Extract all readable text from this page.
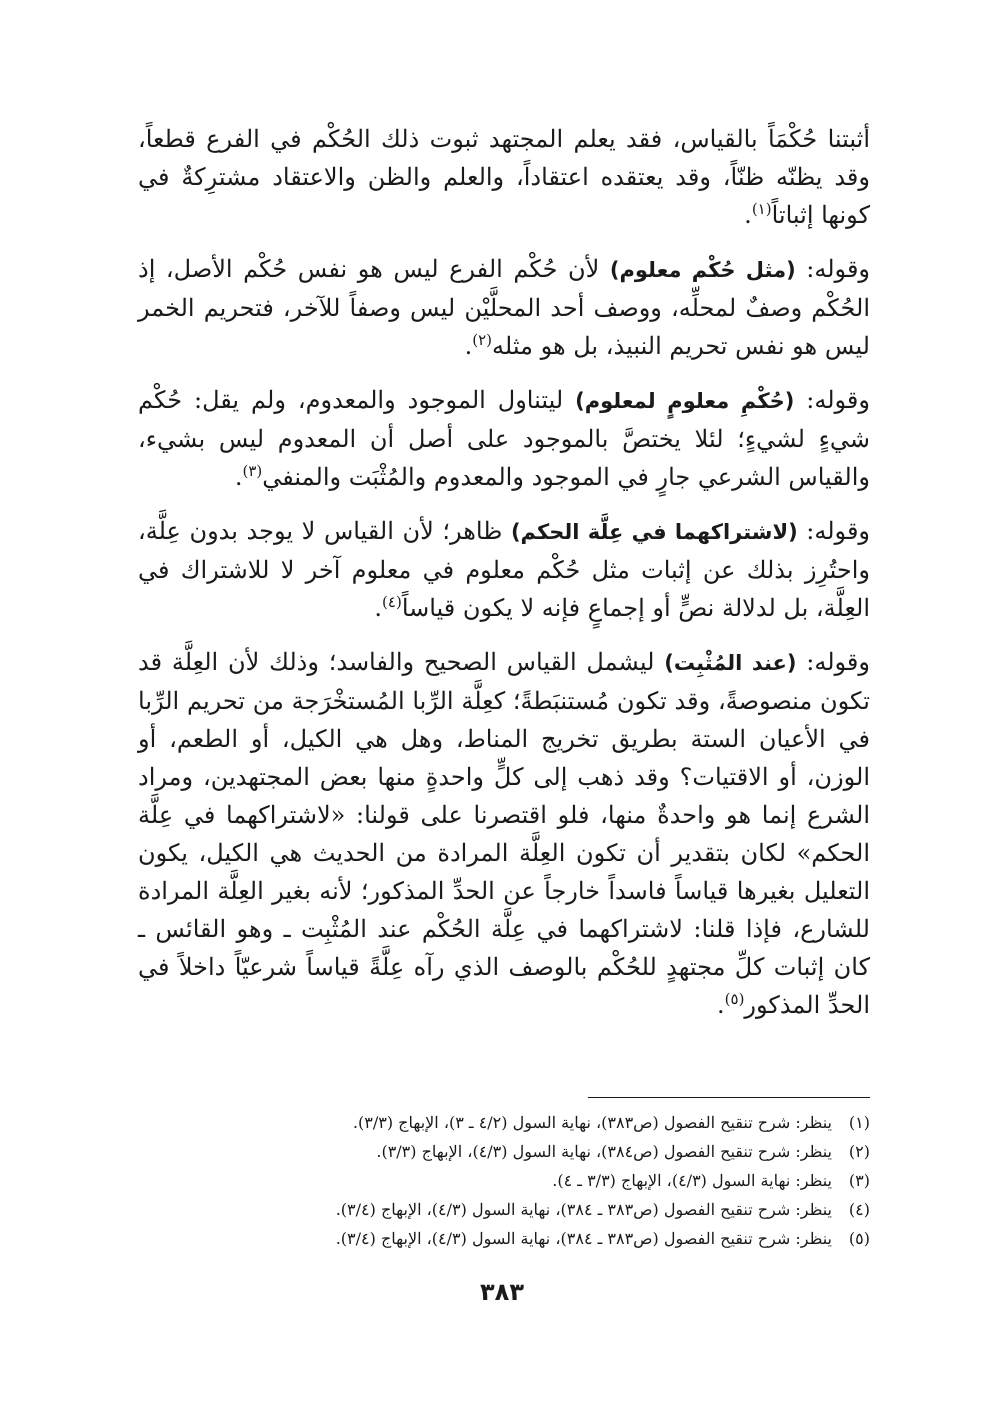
أثبتنا حُكْمَاً بالقياس، فقد يعلم المجتهد ثبوت ذلك الحُكْم في الفرع قطعاً، وقد يظنّه ظنّاً، وقد يعتقده اعتقاداً، والعلم والظن والاعتقاد مشترِكةٌ في كونها إثباتاً$^{(١)}$.

وقوله: (مثل حُكْم معلوم) لأن حُكْم الفرع ليس هو نفس حُكْم الأصل، إذ الحُكْم وصفٌ لمحلِّه، ووصف أحد المحلَّيْن ليس وصفاً للآخر، فتحريم الخمر ليس هو نفس تحريم النبيذ، بل هو مثله$^{(٢)}$.

وقوله: (حُكْمِ معلومٍ لمعلوم) ليتناول الموجود والمعدوم، ولم يقل: حُكْم شيءٍ لشيءٍ؛ لئلا يختصَّ بالموجود على أصل أن المعدوم ليس بشيء، والقياس الشرعي جارٍ في الموجود والمعدوم والمُثْبَت والمنفي$^{(٣)}$.

وقوله: (لاشتراكهما في عِلَّة الحكم) ظاهر؛ لأن القياس لا يوجد بدون عِلَّة، واحتُرِز بذلك عن إثبات مثل حُكْم معلوم في معلوم آخر لا للاشتراك في العِلَّة، بل لدلالة نصٍّ أو إجماعٍ فإنه لا يكون قياساً$^{(٤)}$.

وقوله: (عند المُثْبِت) ليشمل القياس الصحيح والفاسد؛ وذلك لأن العِلَّة قد تكون منصوصةً، وقد تكون مُستنبَطةً؛ كعِلَّة الرِّبا المُستخْرَجة من تحريم الرِّبا في الأعيان الستة بطريق تخريج المناط، وهل هي الكيل، أو الطعم، أو الوزن، أو الاقتيات؟ وقد ذهب إلى كلٍّ واحدةٍ منها بعض المجتهدين، ومراد الشرع إنما هو واحدةٌ منها، فلو اقتصرنا على قولنا: «لاشتراكهما في عِلَّة الحكم» لكان بتقدير أن تكون العِلَّة المرادة من الحديث هي الكيل، يكون التعليل بغيرها قياساً فاسداً خارجاً عن الحدِّ المذكور؛ لأنه بغير العِلَّة المرادة للشارع، فإذا قلنا: لاشتراكهما في عِلَّة الحُكْم عند المُثْبِت ـ وهو القائس ـ كان إثبات كلِّ مجتهدٍ للحُكْم بالوصف الذي رآه عِلَّةً قياساً شرعيّاً داخلاً في الحدِّ المذكور$^{(٥)}$.

(١)
ينظر: شرح تنقيح الفصول (ص٣٨٣)، نهاية السول (٤/٢ ـ ٣)، الإبهاج (٣/٣).
(٢)
ينظر: شرح تنقيح الفصول (ص٣٨٤)، نهاية السول (٤/٣)، الإبهاج (٣/٣).
(٣)
ينظر: نهاية السول (٤/٣)، الإبهاج (٣/٣ ـ ٤).
(٤)
ينظر: شرح تنقيح الفصول (ص٣٨٣ ـ ٣٨٤)، نهاية السول (٤/٣)، الإبهاج (٣/٤).
(٥)
ينظر: شرح تنقيح الفصول (ص٣٨٣ ـ ٣٨٤)، نهاية السول (٤/٣)، الإبهاج (٣/٤).
٣٨٣
